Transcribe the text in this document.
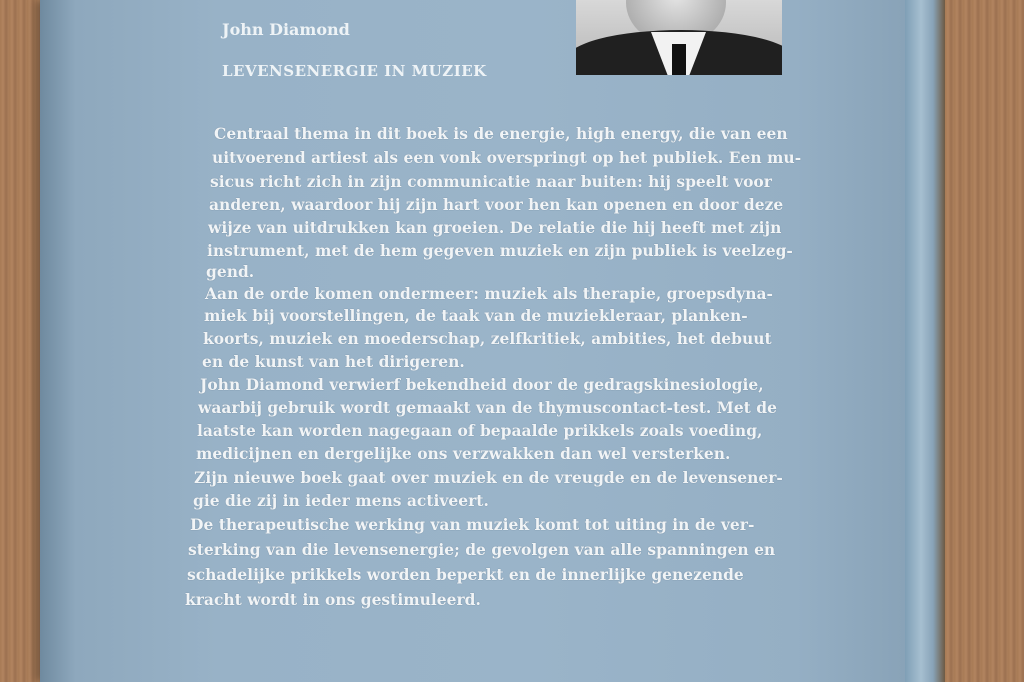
John Diamond

LEVENSENERGIE IN MUZIEK

Centraal thema in dit boek is de energie, high energy, die van een
uitvoerend artiest als een vonk overspringt op het publiek. Een mu-
sicus richt zich in zijn communicatie naar buiten: hij speelt voor
anderen, waardoor hij zijn hart voor hen kan openen en door deze
wijze van uitdrukken kan groeien. De relatie die hij heeft met zijn
instrument, met de hem gegeven muziek en zijn publiek is veelzeg-
gend.
Aan de orde komen ondermeer: muziek als therapie, groepsdyna-
miek bij voorstellingen, de taak van de muziekleraar, planken-
koorts, muziek en moederschap, zelfkritiek, ambities, het debuut
en de kunst van het dirigeren.
John Diamond verwierf bekendheid door de gedragskinesiologie,
waarbij gebruik wordt gemaakt van de thymuscontact-test. Met de
laatste kan worden nagegaan of bepaalde prikkels zoals voeding,
medicijnen en dergelijke ons verzwakken dan wel versterken.
Zijn nieuwe boek gaat over muziek en de vreugde en de levensener-
gie die zij in ieder mens activeert.
De therapeutische werking van muziek komt tot uiting in de ver-
sterking van die levensenergie; de gevolgen van alle spanningen en
schadelijke prikkels worden beperkt en de innerlijke genezende
kracht wordt in ons gestimuleerd.
